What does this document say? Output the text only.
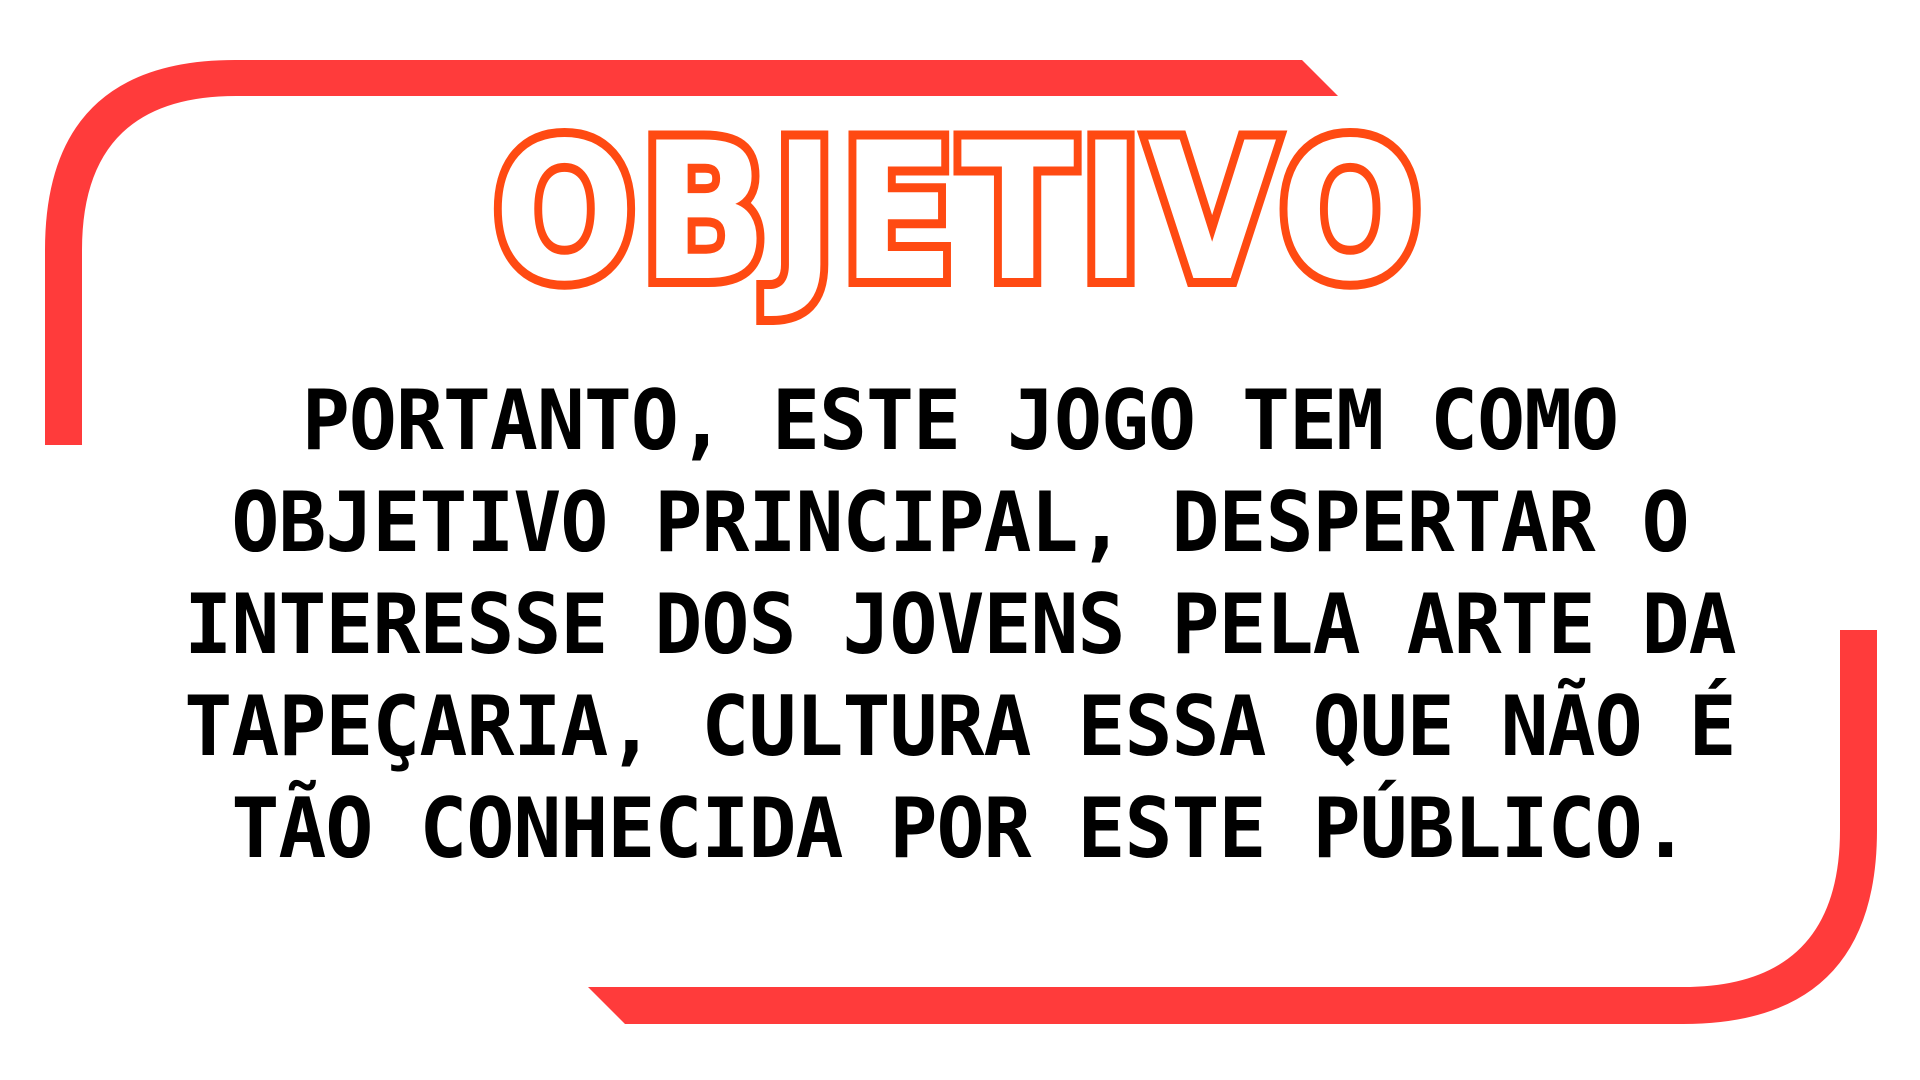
OBJETIVO
PORTANTO, ESTE JOGO TEM COMO OBJETIVO PRINCIPAL, DESPERTAR O INTERESSE DOS JOVENS PELA ARTE DA TAPEÇARIA, CULTURA ESSA QUE NÃO É TÃO CONHECIDA POR ESTE PÚBLICO.
